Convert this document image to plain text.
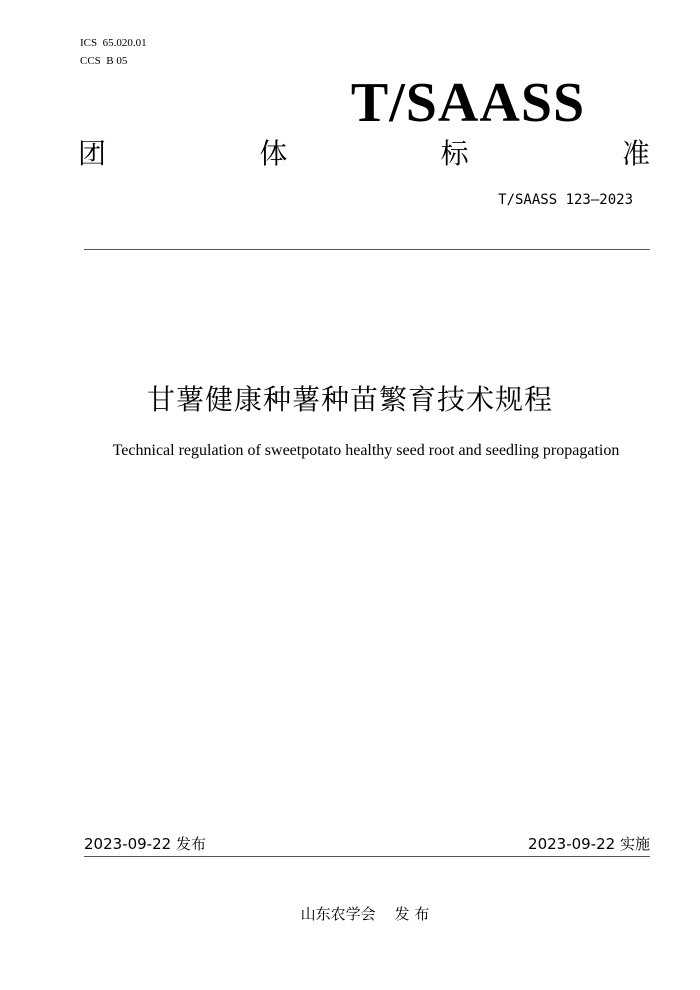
ICS  65.020.01
CCS  B 05
T/SAASS
团	体	标	准
T/SAASS 123—2023
甘薯健康种薯种苗繁育技术规程
Technical regulation of sweetpotato healthy seed root and seedling propagation
2023-09-22 发布	2023-09-22 实施
山东农学会    发 布
